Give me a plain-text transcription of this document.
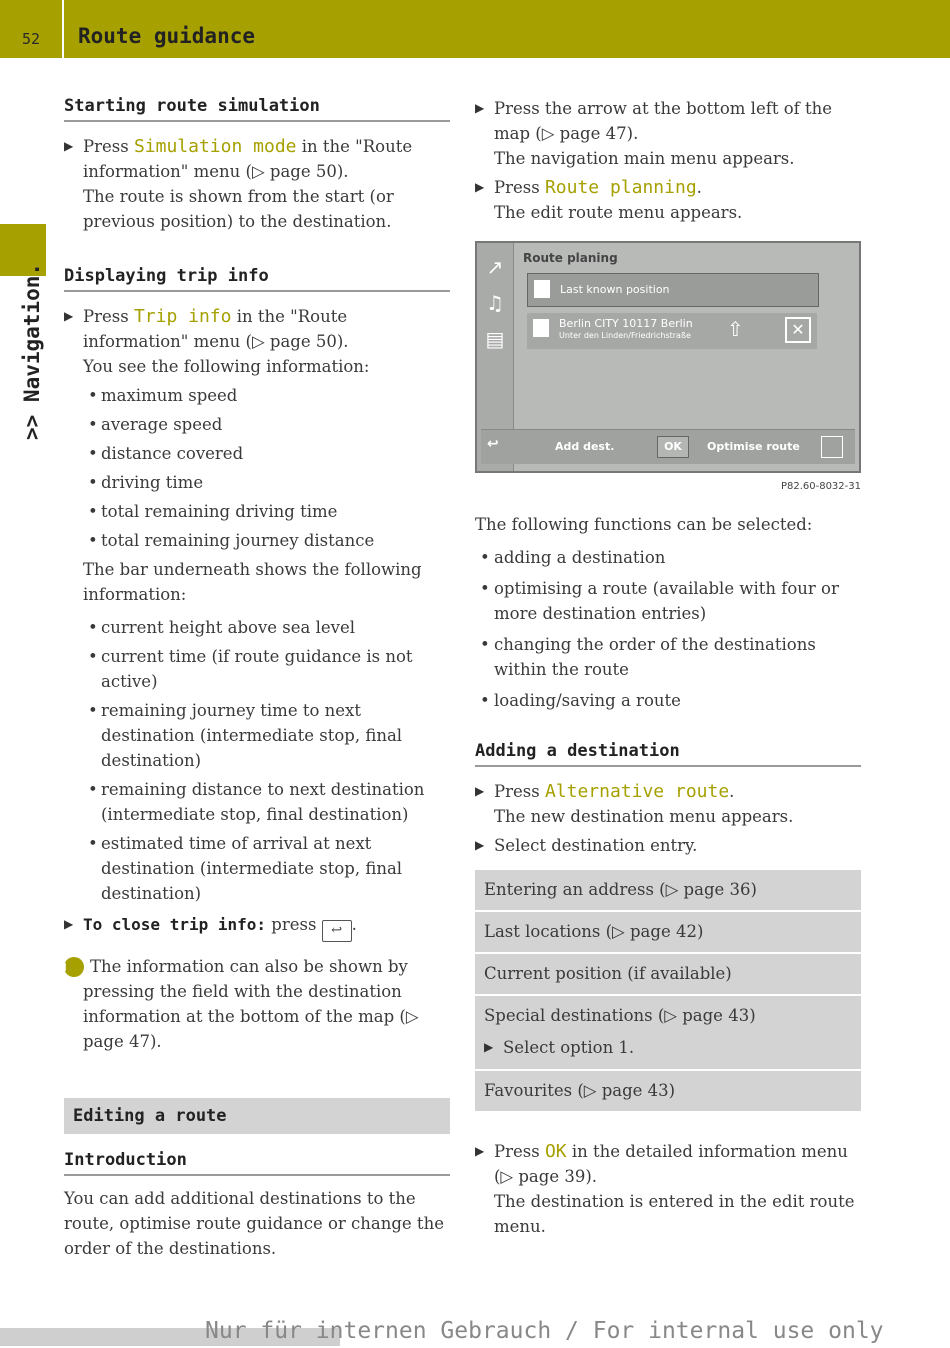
52 Route guidance
>> Navigation.
Starting route simulation
▶ Press Simulation mode in the "Route information" menu (▷ page 50).
The route is shown from the start (or previous position) to the destination.
Displaying trip info
▶ Press Trip info in the "Route information" menu (▷ page 50).
You see the following information:
• maximum speed
• average speed
• distance covered
• driving time
• total remaining driving time
• total remaining journey distance
The bar underneath shows the following information:
• current height above sea level
• current time (if route guidance is not active)
• remaining journey time to next destination (intermediate stop, final destination)
• remaining distance to next destination (intermediate stop, final destination)
• estimated time of arrival at next destination (intermediate stop, final destination)
▶ To close trip info: press ↩ .
i The information can also be shown by pressing the field with the destination information at the bottom of the map (▷ page 47).
Editing a route
Introduction
You can add additional destinations to the route, optimise route guidance or change the order of the destinations.
▶ Press the arrow at the bottom left of the map (▷ page 47).
The navigation main menu appears.
▶ Press Route planning.
The edit route menu appears.
↗
♫
▤
Route planing
Last known position
Berlin CITY 10117 Berlin
Unter den Linden/Friedrichstraße ⇧	✕
↩	Add dest.	OK	Optimise route
P82.60-8032-31
The following functions can be selected:
• adding a destination
• optimising a route (available with four or more destination entries)
• changing the order of the destinations within the route
• loading/saving a route
Adding a destination
▶ Press Alternative route.
The new destination menu appears.
▶ Select destination entry.
Entering an address (▷ page 36)
Last locations (▷ page 42)
Current position (if available)
Special destinations (▷ page 43)
▶ Select option 1.
Favourites (▷ page 43)
▶ Press OK in the detailed information menu (▷ page 39).
The destination is entered in the edit route menu.
Nur für internen Gebrauch / For internal use only
